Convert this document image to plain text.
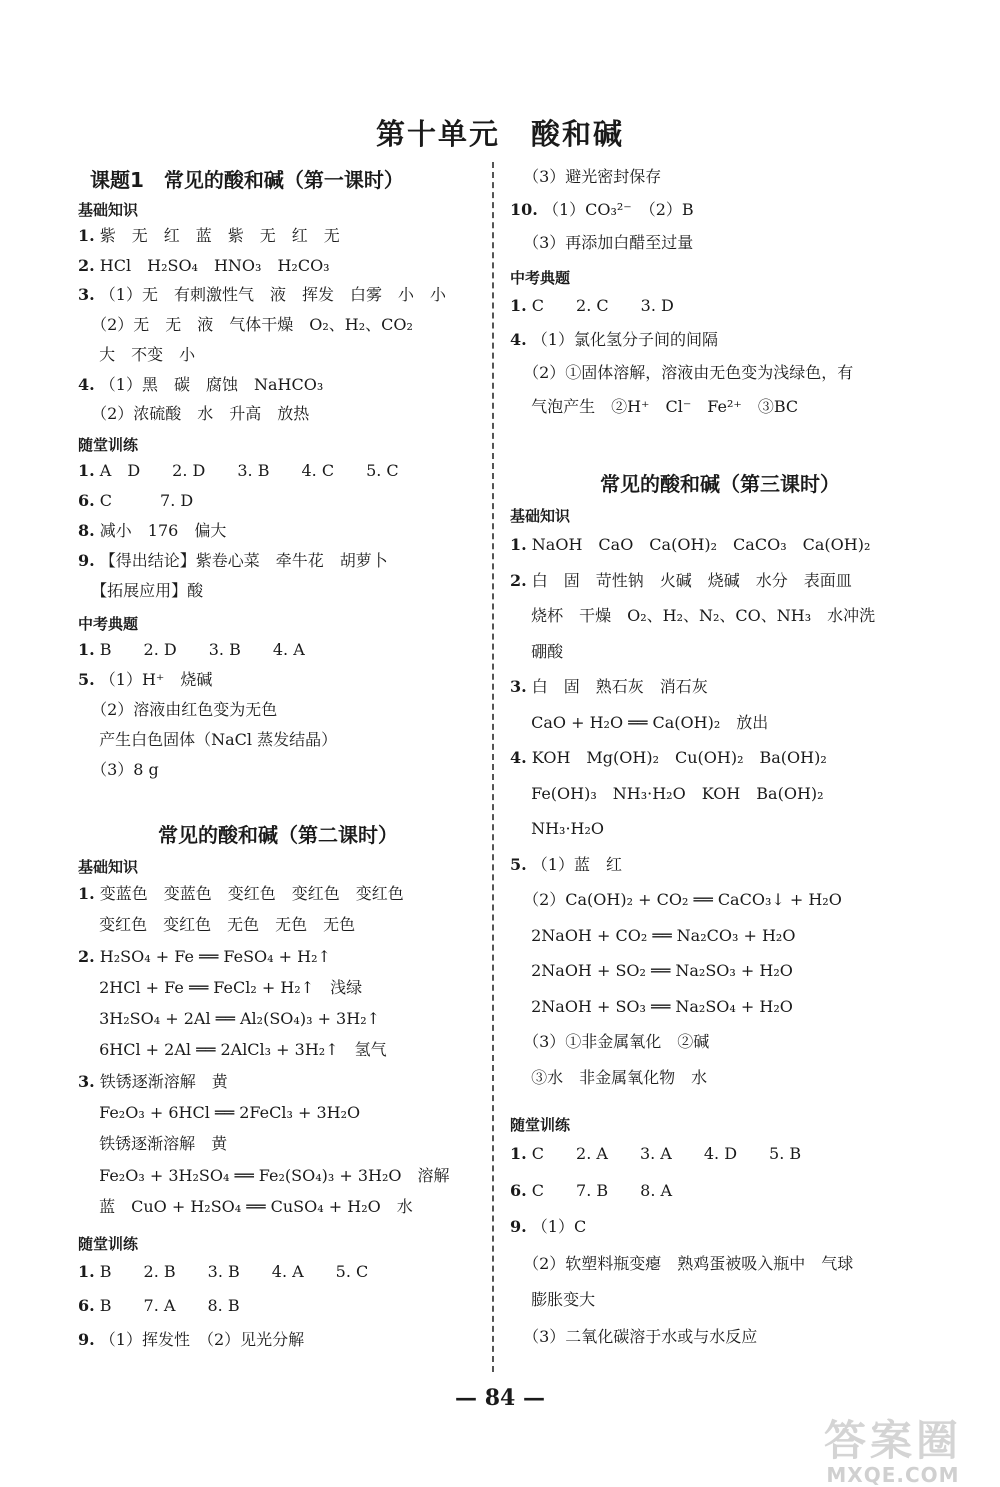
第十单元　酸和碱
课题1　常见的酸和碱（第一课时）
基础知识
1. 紫　无　红　蓝　紫　无　红　无
2. HCl　H₂SO₄　HNO₃　H₂CO₃
3. （1）无　有刺激性气　液　挥发　白雾　小　小
　（2）无　无　液　气体干燥　O₂、H₂、CO₂
　大　不变　小
4. （1）黑　碳　腐蚀　NaHCO₃
　（2）浓硫酸　水　升高　放热
随堂训练
1. A　D　　2. D　　3. B　　4. C　　5. C
6. C　　　7. D
8. 减小　176　偏大
9. 【得出结论】紫卷心菜　牵牛花　胡萝卜
　【拓展应用】酸
中考典题
1. B　　2. D　　3. B　　4. A
5. （1）H⁺　烧碱
　（2）溶液由红色变为无色
　产生白色固体（NaCl 蒸发结晶）
　（3）8 g
常见的酸和碱（第二课时）
基础知识
1. 变蓝色　变蓝色　变红色　变红色　变红色
　变红色　变红色　无色　无色　无色
2. H₂SO₄ + Fe ══ FeSO₄ + H₂↑
　2HCl + Fe ══ FeCl₂ + H₂↑　浅绿
　3H₂SO₄ + 2Al ══ Al₂(SO₄)₃ + 3H₂↑
　6HCl + 2Al ══ 2AlCl₃ + 3H₂↑　氢气
3. 铁锈逐渐溶解　黄
　Fe₂O₃ + 6HCl ══ 2FeCl₃ + 3H₂O
　铁锈逐渐溶解　黄
　Fe₂O₃ + 3H₂SO₄ ══ Fe₂(SO₄)₃ + 3H₂O　溶解
　蓝　CuO + H₂SO₄ ══ CuSO₄ + H₂O　水
随堂训练
1. B　　2. B　　3. B　　4. A　　5. C
6. B　　7. A　　8. B
9. （1）挥发性　（2）见光分解
　（3）避光密封保存
10. （1）CO₃²⁻　（2）B
　（3）再添加白醋至过量
中考典题
1. C　　2. C　　3. D
4. （1）氯化氢分子间的间隔
　（2）①固体溶解，溶液由无色变为浅绿色，有
　气泡产生　②H⁺　Cl⁻　Fe²⁺　③BC
常见的酸和碱（第三课时）
基础知识
1. NaOH　CaO　Ca(OH)₂　CaCO₃　Ca(OH)₂
2. 白　固　苛性钠　火碱　烧碱　水分　表面皿
　烧杯　干燥　O₂、H₂、N₂、CO、NH₃　水冲洗
　硼酸
3. 白　固　熟石灰　消石灰
　CaO + H₂O ══ Ca(OH)₂　放出
4. KOH　Mg(OH)₂　Cu(OH)₂　Ba(OH)₂
　Fe(OH)₃　NH₃·H₂O　KOH　Ba(OH)₂
　NH₃·H₂O
5. （1）蓝　红
　（2）Ca(OH)₂ + CO₂ ══ CaCO₃↓ + H₂O
　2NaOH + CO₂ ══ Na₂CO₃ + H₂O
　2NaOH + SO₂ ══ Na₂SO₃ + H₂O
　2NaOH + SO₃ ══ Na₂SO₄ + H₂O
　（3）①非金属氧化　②碱
　③水　非金属氧化物　水
随堂训练
1. C　　2. A　　3. A　　4. D　　5. B
6. C　　7. B　　8. A
9. （1）C
　（2）软塑料瓶变瘪　熟鸡蛋被吸入瓶中　气球
　膨胀变大
　（3）二氧化碳溶于水或与水反应
— 84 —
答案圈
MXQE.COM
